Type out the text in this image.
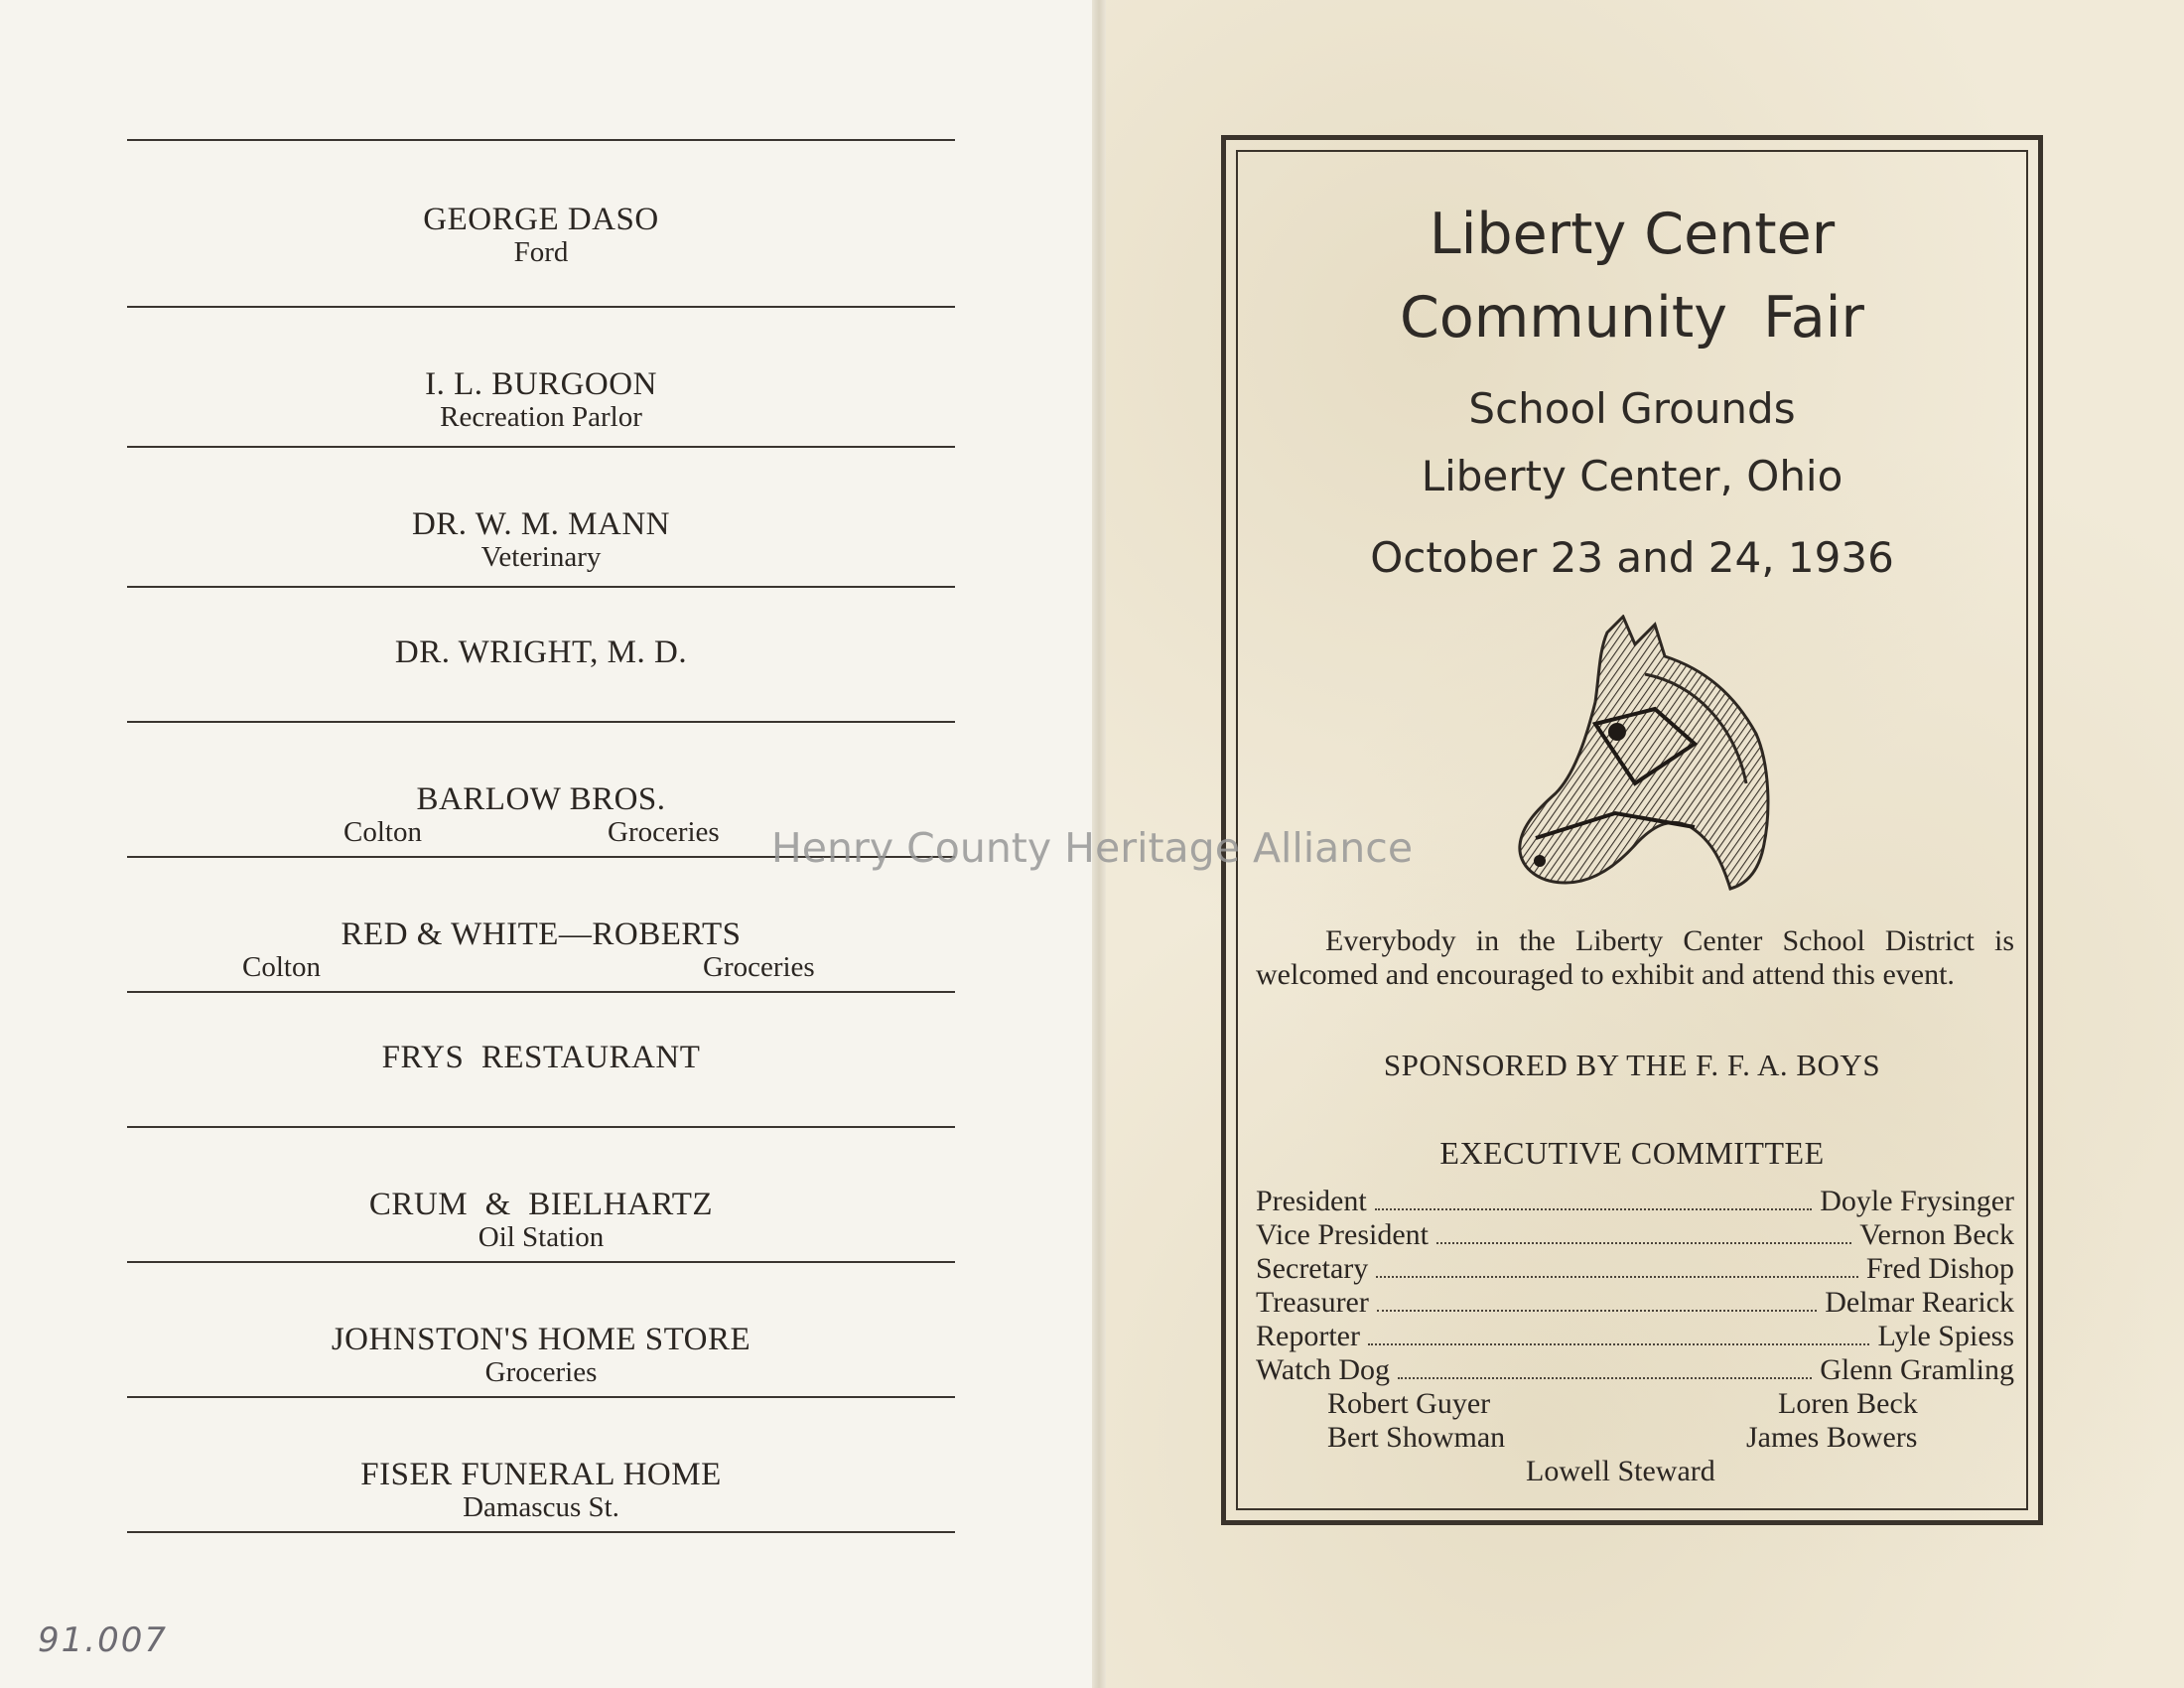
GEORGE DASO
Ford
I. L. BURGOON
Recreation Parlor
DR. W. M. MANN
Veterinary
DR. WRIGHT, M. D.
BARLOW BROS.
Colton	Groceries
RED & WHITE—ROBERTS
Colton	Groceries
FRYS  RESTAURANT
CRUM  &  BIELHARTZ
Oil Station
JOHNSTON'S HOME STORE
Groceries
FISER FUNERAL HOME
Damascus St.
91.007
Liberty Center
Community  Fair
School Grounds
Liberty Center, Ohio
October 23 and 24, 1936
Everybody in the Liberty Center School District is welcomed and encouraged to exhibit and attend this event.
SPONSORED BY THE F. F. A. BOYS
EXECUTIVE COMMITTEE
President	Doyle Frysinger
Vice President	Vernon Beck
Secretary	Fred Dishop
Treasurer	Delmar Rearick
Reporter	Lyle Spiess
Watch Dog	Glenn Gramling
Robert Guyer	Loren Beck
Bert Showman	James Bowers
Lowell Steward
Henry County Heritage Alliance
